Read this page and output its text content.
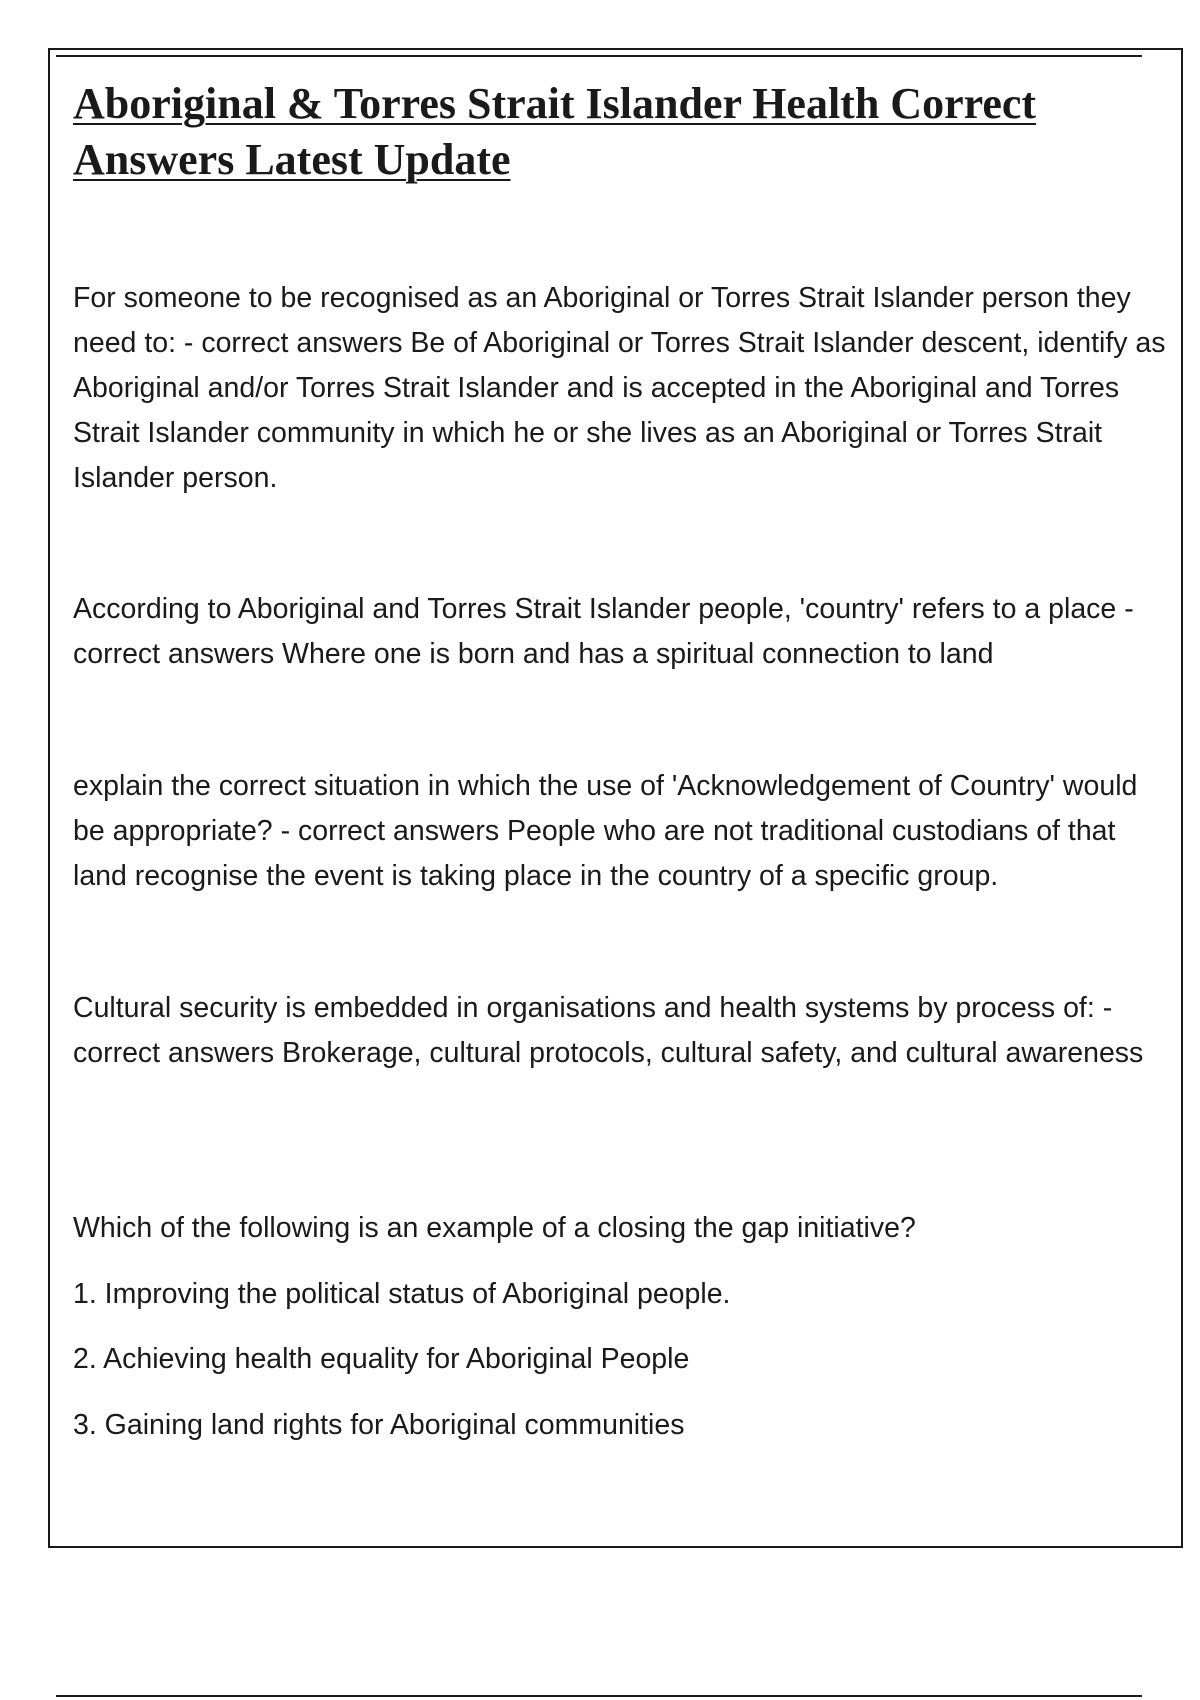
Aboriginal & Torres Strait Islander Health Correct Answers Latest Update

For someone to be recognised as an Aboriginal or Torres Strait Islander person they need to: - correct answers Be of Aboriginal or Torres Strait Islander descent, identify as Aboriginal and/or Torres Strait Islander and is accepted in the Aboriginal and Torres Strait Islander community in which he or she lives as an Aboriginal or Torres Strait Islander person.

According to Aboriginal and Torres Strait Islander people, 'country' refers to a place - correct answers Where one is born and has a spiritual connection to land

explain the correct situation in which the use of 'Acknowledgement of Country' would be appropriate? - correct answers People who are not traditional custodians of that land recognise the event is taking place in the country of a specific group.

Cultural security is embedded in organisations and health systems by process of: - correct answers Brokerage, cultural protocols, cultural safety, and cultural awareness

Which of the following is an example of a closing the gap initiative?

1. Improving the political status of Aboriginal people.

2. Achieving health equality for Aboriginal People

3. Gaining land rights for Aboriginal communities
